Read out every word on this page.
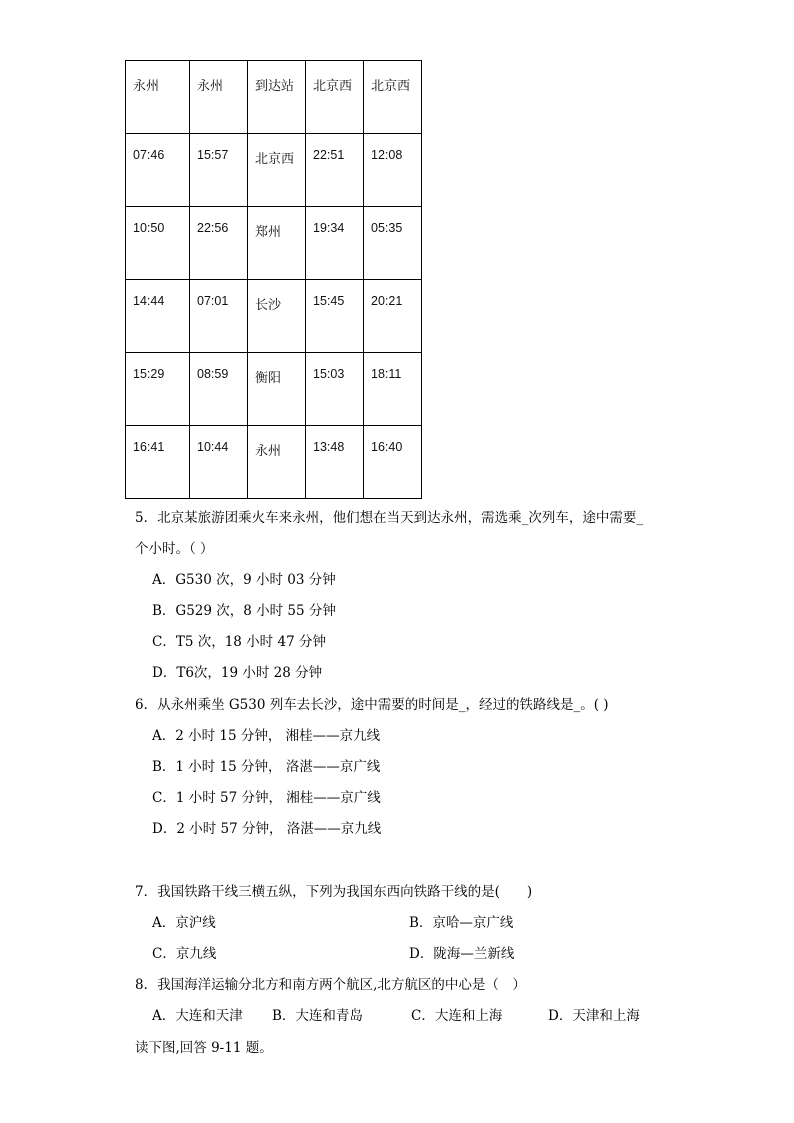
永州	永州	到达站	北京西	北京西
07:46	15:57	北京西	22:51	12:08
10:50	22:56	郑州	19:34	05:35
14:44	07:01	长沙	15:45	20:21
15:29	08:59	衡阳	15:03	18:11
16:41	10:44	永州	13:48	16:40
5．北京某旅游团乘火车来永州，他们想在当天到达永州，需选乘_次列车，途中需要_
个小时。（ ）
A．G530 次，9 小时 03 分钟
B．G529 次，8 小时 55 分钟
C．T5 次，18 小时 47 分钟
D．T6次，19 小时 28 分钟
6．从永州乘坐 G530 列车去长沙，途中需要的时间是_，经过的铁路线是_。( )
A．2 小时 15 分钟， 湘桂——京九线
B．1 小时 15 分钟， 洛湛——京广线
C．1 小时 57 分钟， 湘桂——京广线
D．2 小时 57 分钟， 洛湛——京九线
7．我国铁路干线三横五纵，下列为我国东西向铁路干线的是(　　)
A．京沪线	B．京哈—京广线
C．京九线	D．陇海—兰新线
8．我国海洋运输分北方和南方两个航区,北方航区的中心是（　）
A．大连和天津 B．大连和青岛	C．大连和上海	D．天津和上海
读下图,回答 9-11 题。
